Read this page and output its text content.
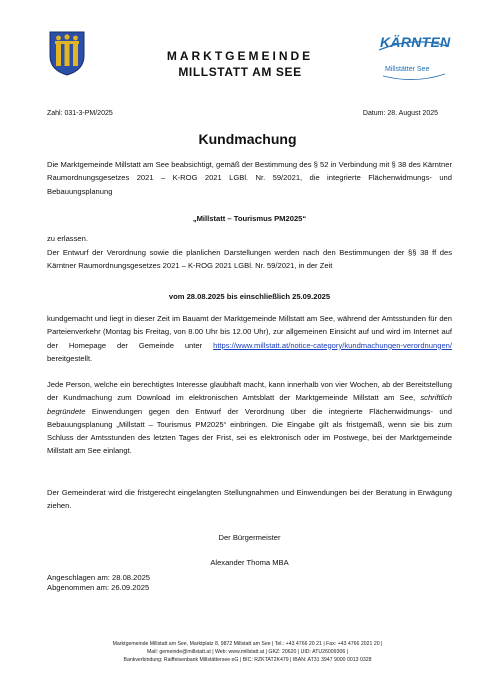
MARKTGEMEINDE
MILLSTATT AM SEE
KÄRNTEN
Millstätter See
Zahl: 031-3-PM/2025	Datum: 28. August 2025
Kundmachung
Die Marktgemeinde Millstatt am See beabsichtigt, gemäß der Bestimmung des § 52 in Verbindung mit § 38 des Kärntner Raumordnungsgesetzes 2021 – K-ROG 2021 LGBl. Nr. 59/2021, die integrierte Flächenwidmungs- und Bebauungsplanung
„Millstatt – Tourismus PM2025“
zu erlassen.
Der Entwurf der Verordnung sowie die planlichen Darstellungen werden nach den Bestimmungen der §§ 38 ff des Kärntner Raumordnungsgesetzes 2021 – K-ROG 2021 LGBl. Nr. 59/2021, in der Zeit
vom 28.08.2025 bis einschließlich 25.09.2025
kundgemacht und liegt in dieser Zeit im Bauamt der Marktgemeinde Millstatt am See, während der Amtsstunden für den Parteienverkehr (Montag bis Freitag, von 8.00 Uhr bis 12.00 Uhr), zur allgemeinen Einsicht auf und wird im Internet auf der Homepage der Gemeinde unter https://www.millstatt.at/notice-category/kundmachungen-verordnungen/ bereitgestellt.
Jede Person, welche ein berechtigtes Interesse glaubhaft macht, kann innerhalb von vier Wochen, ab der Bereitstellung der Kundmachung zum Download im elektronischen Amtsblatt der Marktgemeinde Millstatt am See, schriftlich begründete Einwendungen gegen den Entwurf der Verordnung über die integrierte Flächenwidmungs- und Bebauungsplanung „Millstatt – Tourismus PM2025“ einbringen. Die Eingabe gilt als fristgemäß, wenn sie bis zum Schluss der Amtsstunden des letzten Tages der Frist, sei es elektronisch oder im Postwege, bei der Marktgemeinde Millstatt am See einlangt.
Der Gemeinderat wird die fristgerecht eingelangten Stellungnahmen und Einwendungen bei der Beratung in Erwägung ziehen.
Der Bürgermeister
Alexander Thoma MBA
Angeschlagen am: 28.08.2025
Abgenommen am: 26.09.2025
Marktgemeinde Millstatt am See, Marktplatz 8, 9872 Millstatt am See | Tel.: +43 4766 20 21 | Fax: +43 4766 2021 20 |
Mail: gemeinde@millstatt.at | Web: www.millstatt.at | GKZ: 20620 | UID: ATU26009306 |
Bankverbindung: Raiffeisenbank Millstättersee eG | BIC: RZKTAT2K479 | IBAN: AT31 3947 9000 0013 0328
